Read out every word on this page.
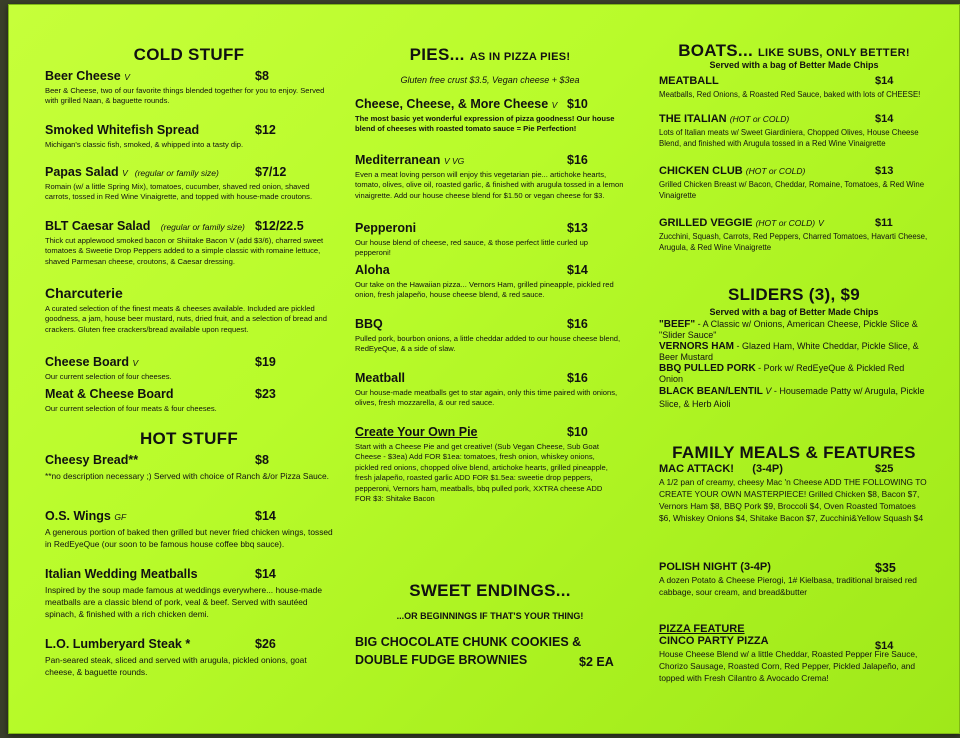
COLD STUFF
Beer Cheese V	$8
Beer & Cheese, two of our favorite things blended together for you to enjoy. Served with grilled Naan, & baguette rounds.
Smoked Whitefish Spread	$12
Michigan's classic fish, smoked, & whipped into a tasty dip.
Papas Salad V (regular or family size)	$7/12
Romain (w/ a little Spring Mix), tomatoes, cucumber, shaved red onion, shaved carrots, tossed in Red Wine Vinaigrette, and topped with house-made croutons.
BLT Caesar Salad (regular or family size) $12/22.5
Thick cut applewood smoked bacon or Shiitake Bacon V (add $3/6), charred sweet tomatoes & Sweetie Drop Peppers added to a simple classic with romaine lettuce, shaved Parmesan cheese, croutons, & Caesar dressing.
Charcuterie
A curated selection of the finest meats & cheeses available. Included are pickled goodness, a jam, house beer mustard, nuts, dried fruit, and a selection of bread and crackers. Gluten free crackers/bread available upon request.
Cheese Board V	$19
Our current selection of four cheeses.
Meat & Cheese Board	$23
Our current selection of four meats & four cheeses.
HOT STUFF
Cheesy Bread**	$8
**no description necessary ;) Served with choice of Ranch &/or Pizza Sauce.
O.S. Wings GF	$14
A generous portion of baked then grilled but never fried chicken wings, tossed in RedEyeQue (our soon to be famous house coffee bbq sauce).
Italian Wedding Meatballs	$14
Inspired by the soup made famous at weddings everywhere... house-made meatballs are a classic blend of pork, veal & beef. Served with sautéed spinach, & finished with a rich chicken demi.
L.O. Lumberyard Steak *	$26
Pan-seared steak, sliced and served with arugula, pickled onions, goat cheese, & baguette rounds.
PIES... AS IN PIZZA PIES!
Gluten free crust $3.5, Vegan cheese + $3ea
Cheese, Cheese, & More Cheese V $10
The most basic yet wonderful expression of pizza goodness! Our house blend of cheeses with roasted tomato sauce = Pie Perfection!
Mediterranean V VG	$16
Even a meat loving person will enjoy this vegetarian pie... artichoke hearts, tomato, olives, olive oil, roasted garlic, & finished with arugula tossed in a lemon vinaigrette. Add our house cheese blend for $1.50 or vegan cheese for $3.
Pepperoni	$13
Our house blend of cheese, red sauce, & those perfect little curled up pepperoni!
Aloha	$14
Our take on the Hawaiian pizza... Vernors Ham, grilled pineapple, pickled red onion, fresh jalapeño, house cheese blend, & red sauce.
BBQ	$16
Pulled pork, bourbon onions, a little cheddar added to our house cheese blend, RedEyeQue, & a side of slaw.
Meatball	$16
Our house-made meatballs get to star again, only this time paired with onions, olives, fresh mozzarella, & our red sauce.
Create Your Own Pie	$10
Start with a Cheese Pie and get creative! (Sub Vegan Cheese, Sub Goat Cheese - $3ea) Add FOR $1ea: tomatoes, fresh onion, whiskey onions, pickled red onions, chopped olive blend, artichoke hearts, grilled pineapple, fresh jalapeño, roasted garlic ADD FOR $1.5ea: sweetie drop peppers, pepperoni, Vernors ham, meatballs, bbq pulled pork, XXTRA cheese ADD FOR $3: Shitake Bacon
SWEET ENDINGS...
...OR BEGINNINGS IF THAT'S YOUR THING!
BIG CHOCOLATE CHUNK COOKIES &
DOUBLE FUDGE BROWNIES	$2 EA
BOATS... LIKE SUBS, ONLY BETTER!
Served with a bag of Better Made Chips
MEATBALL	$14
Meatballs, Red Onions, & Roasted Red Sauce, baked with lots of CHEESE!
THE ITALIAN (HOT or COLD)	$14
Lots of Italian meats w/ Sweet Giardiniera, Chopped Olives, House Cheese Blend, and finished with Arugula tossed in a Red Wine Vinaigrette
CHICKEN CLUB (HOT or COLD)	$13
Grilled Chicken Breast w/ Bacon, Cheddar, Romaine, Tomatoes, & Red Wine Vinaigrette
GRILLED VEGGIE (HOT or COLD) V	$11
Zucchini, Squash, Carrots, Red Peppers, Charred Tomatoes, Havarti Cheese, Arugula, & Red Wine Vinaigrette
SLIDERS (3), $9
Served with a bag of Better Made Chips
"BEEF" - A Classic w/ Onions, American Cheese, Pickle Slice & "Slider Sauce"
VERNORS HAM - Glazed Ham, White Cheddar, Pickle Slice, & Beer Mustard
BBQ PULLED PORK - Pork w/ RedEyeQue & Pickled Red Onion
BLACK BEAN/LENTIL V - Housemade Patty w/ Arugula, Pickle Slice, & Herb Aioli
FAMILY MEALS & FEATURES
MAC ATTACK! (3-4P)	$25
A 1/2 pan of creamy, cheesy Mac 'n Cheese ADD THE FOLLOWING TO CREATE YOUR OWN MASTERPIECE! Grilled Chicken $8, Bacon $7, Vernors Ham $8, BBQ Pork $9, Broccoli $4, Oven Roasted Tomatoes $6, Whiskey Onions $4, Shitake Bacon $7, Zucchini&Yellow Squash $4
POLISH NIGHT (3-4P)	$35
A dozen Potato & Cheese Pierogi, 1# Kielbasa, traditional braised red cabbage, sour cream, and bread&butter
PIZZA FEATURE
CINCO PARTY PIZZA	$14
House Cheese Blend w/ a little Cheddar, Roasted Pepper Fire Sauce, Chorizo Sausage, Roasted Corn, Red Pepper, Pickled Jalapeño, and topped with Fresh Cilantro & Avocado Crema!
